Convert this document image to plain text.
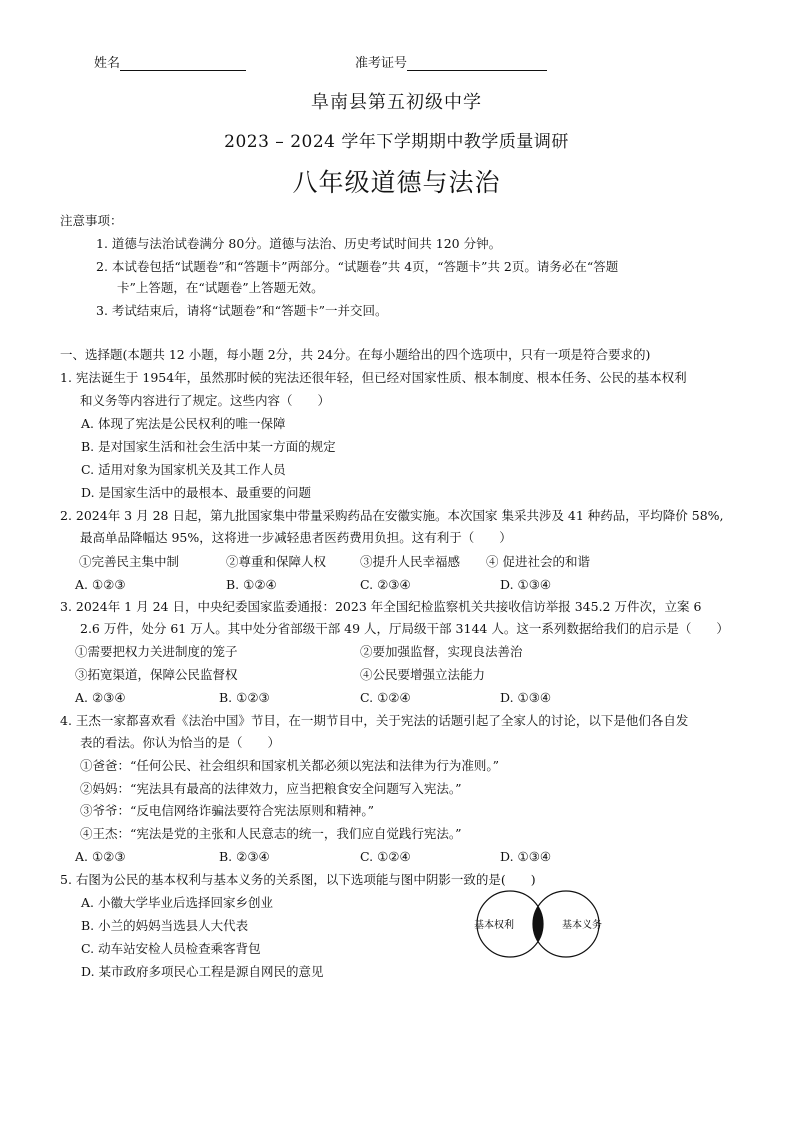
姓名	准考证号
阜南县第五初级中学
2023 – 2024 学年下学期期中教学质量调研
八年级道德与法治
注意事项：
1. 道德与法治试卷满分 80分。道德与法治、历史考试时间共 120 分钟。
2. 本试卷包括“试题卷”和“答题卡”两部分。“试题卷”共 4页，“答题卡”共 2页。请务必在“答题
卡”上答题，在“试题卷”上答题无效。
3. 考试结束后，请将“试题卷”和“答题卡”一并交回。
一、选择题(本题共 12 小题，每小题 2分，共 24分。在每小题给出的四个选项中，只有一项是符合要求的)
1. 宪法诞生于 1954年，虽然那时候的宪法还很年轻，但已经对国家性质、根本制度、根本任务、公民的基本权利
和义务等内容进行了规定。这些内容（　　）
A. 体现了宪法是公民权利的唯一保障
B. 是对国家生活和社会生活中某一方面的规定
C. 适用对象为国家机关及其工作人员
D. 是国家生活中的最根本、最重要的问题
2. 2024年 3 月 28 日起，第九批国家集中带量采购药品在安徽实施。本次国家 集采共涉及 41 种药品，平均降价 58%,
最高单品降幅达 95%，这将进一步减轻患者医药费用负担。这有利于（　　）
①完善民主集中制	②尊重和保障人权	③提升人民幸福感 ④ 促进社会的和谐
A. ①②③	B. ①②④	C. ②③④	D. ①③④
3. 2024年 1 月 24 日，中央纪委国家监委通报：2023 年全国纪检监察机关共接收信访举报 345.2 万件次，立案 6
2.6 万件，处分 61 万人。其中处分省部级干部 49 人，厅局级干部 3144 人。这一系列数据给我们的启示是（　　）
①需要把权力关进制度的笼子	②要加强监督，实现良法善治
③拓宽渠道，保障公民监督权	④公民要增强立法能力
A. ②③④	B. ①②③	C. ①②④	D. ①③④
4. 王杰一家都喜欢看《法治中国》节目，在一期节目中，关于宪法的话题引起了全家人的讨论，以下是他们各自发
表的看法。你认为恰当的是（　　）
①爸爸：“任何公民、社会组织和国家机关都必须以宪法和法律为行为准则。”
②妈妈：“宪法具有最高的法律效力，应当把粮食安全问题写入宪法。”
③爷爷：“反电信网络诈骗法要符合宪法原则和精神。”
④王杰：“宪法是党的主张和人民意志的统一，我们应自觉践行宪法。”
A. ①②③	B. ②③④	C. ①②④	D. ①③④
5. 右图为公民的基本权利与基本义务的关系图，以下选项能与图中阴影一致的是(　　)
A. 小徽大学毕业后选择回家乡创业
B. 小兰的妈妈当选县人大代表
C. 动车站安检人员检查乘客背包
D. 某市政府多项民心工程是源自网民的意见
基本权利	基本义务
